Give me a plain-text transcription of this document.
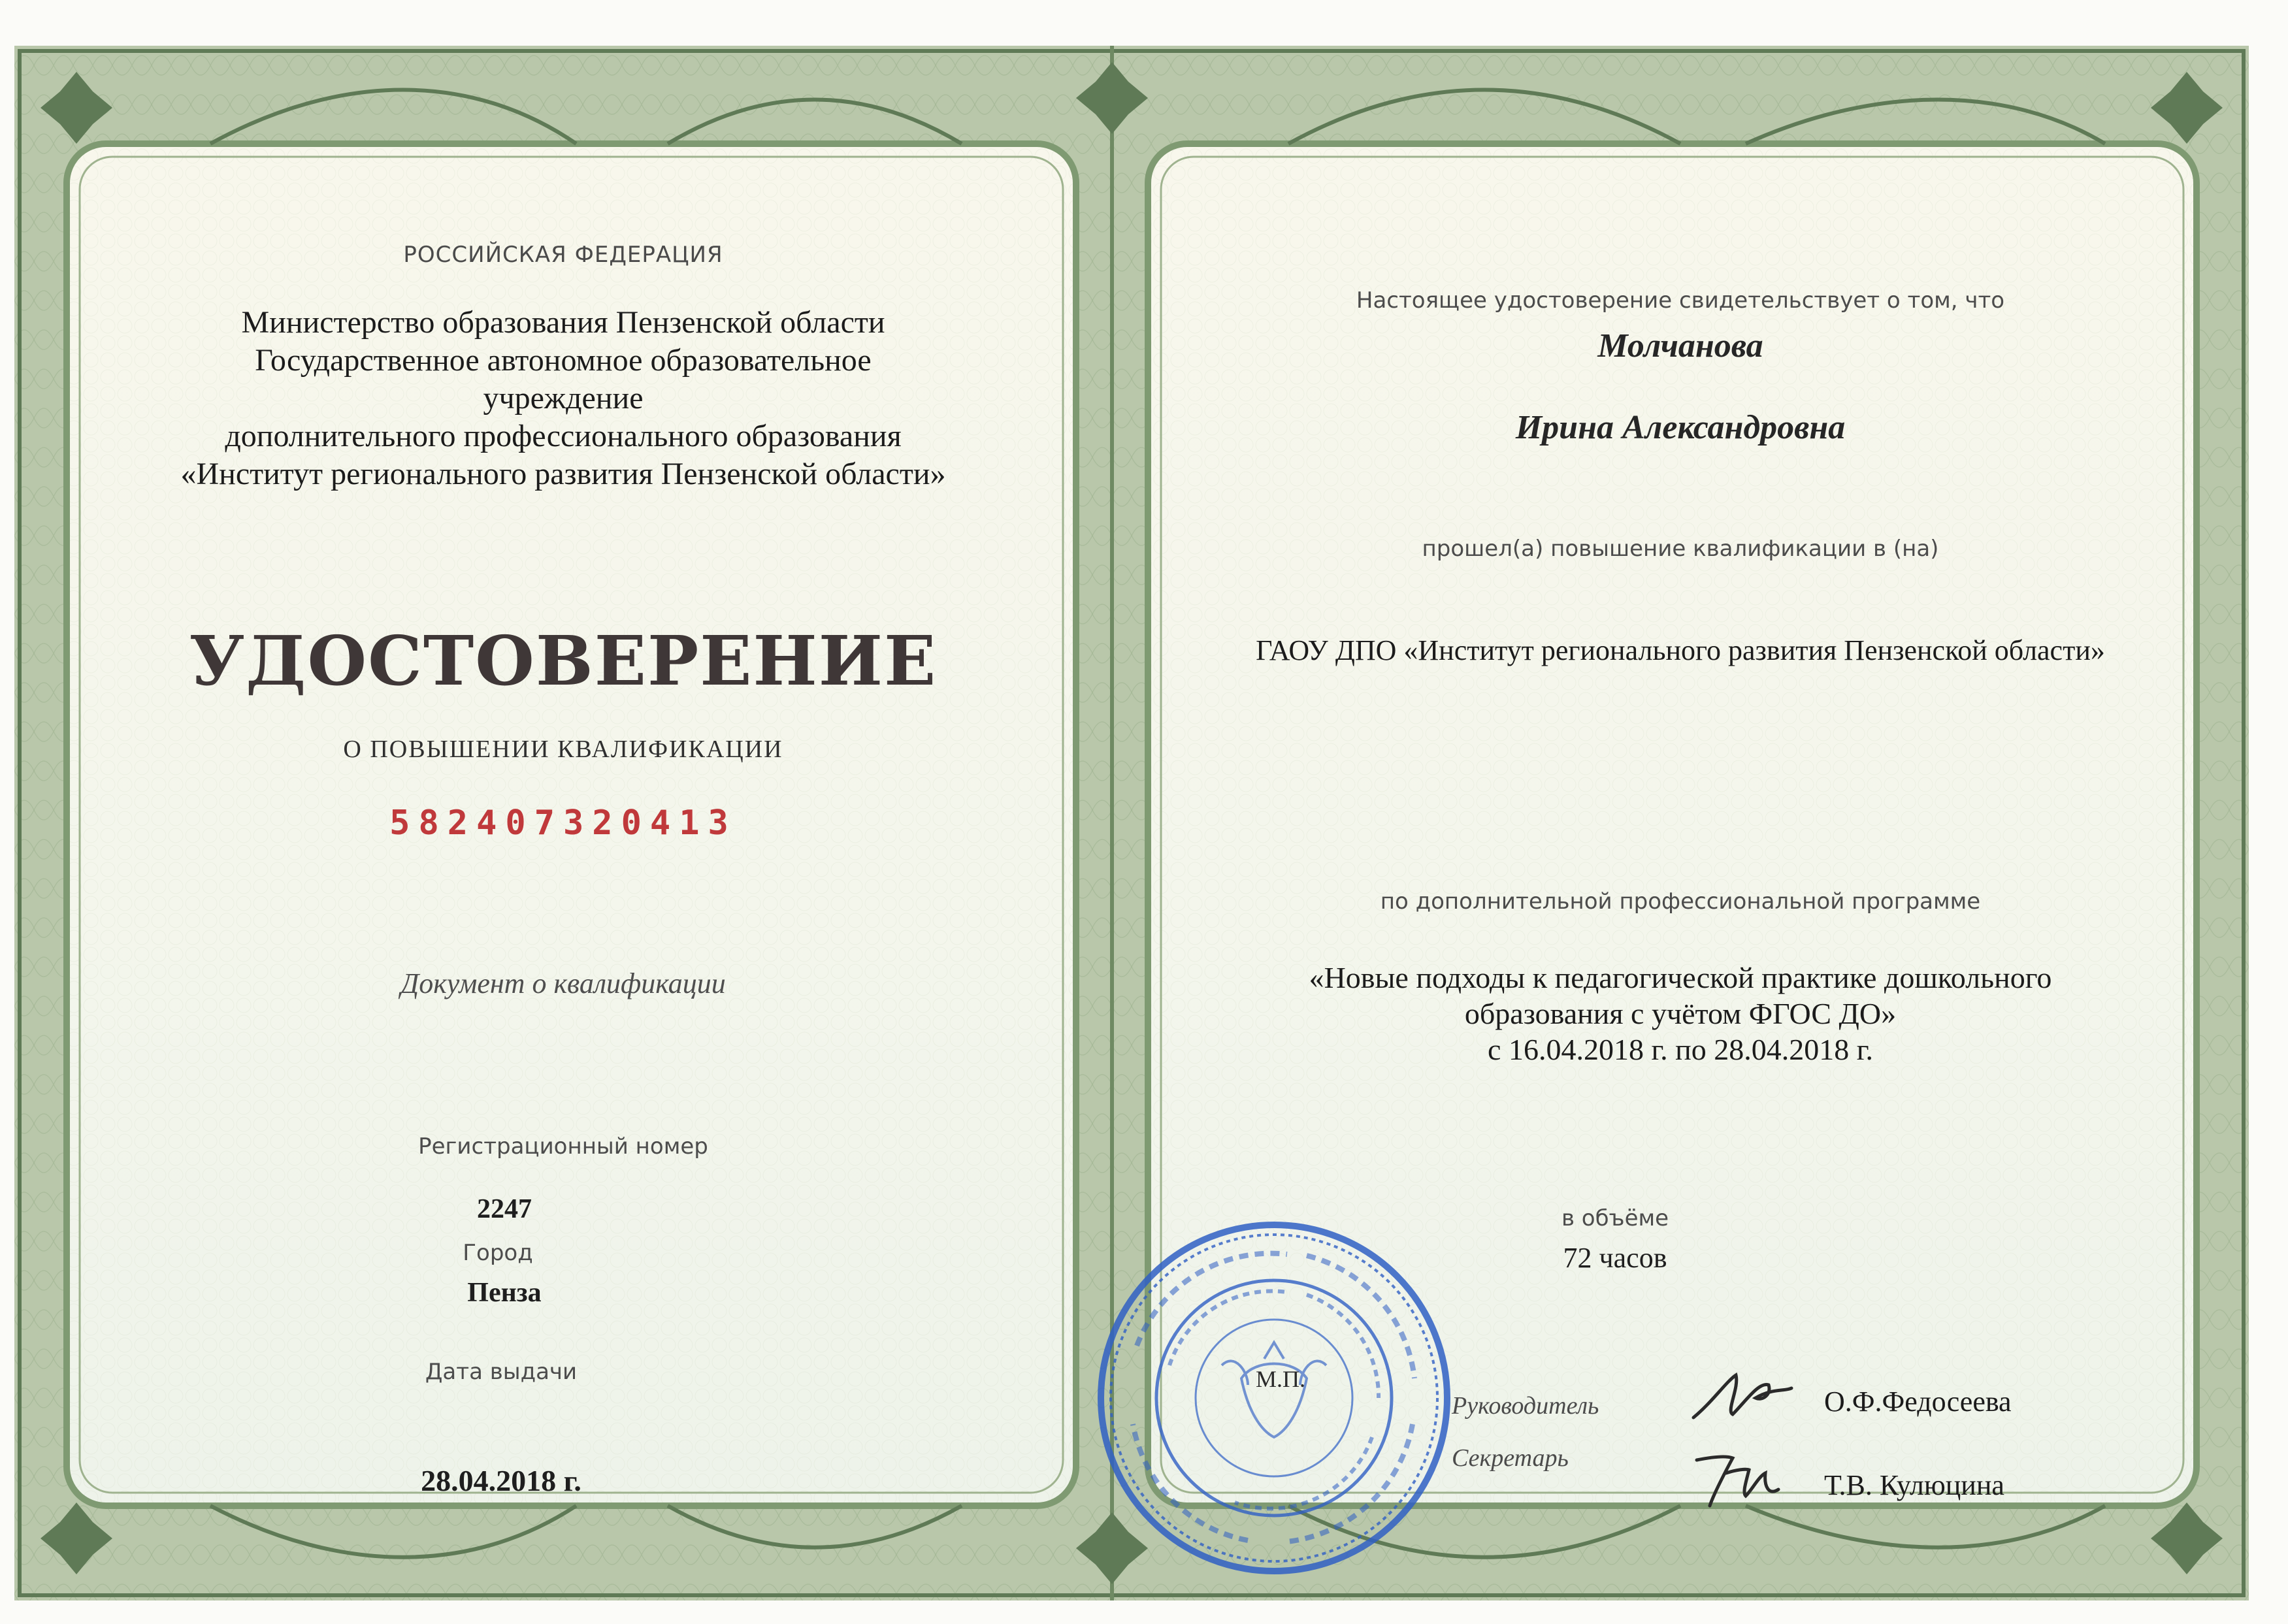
РОССИЙСКАЯ ФЕДЕРАЦИЯ
Министерство образования Пензенской области
Государственное автономное образовательное
учреждение
дополнительного профессионального образования
«Институт регионального развития Пензенской области»
УДОСТОВЕРЕНИЕ
О ПОВЫШЕНИИ КВАЛИФИКАЦИИ
582407320413
Документ о квалификации
Регистрационный номер
2247
Город
Пенза
Дата выдачи
28.04.2018 г.
Настоящее удостоверение свидетельствует о том, что
Молчанова
Ирина Александровна
прошел(а) повышение квалификации в (на)
ГАОУ ДПО «Институт регионального развития Пензенской области»
по дополнительной профессиональной программе
«Новые подходы к педагогической практике дошкольного
образования с учётом ФГОС ДО»
с 16.04.2018 г. по 28.04.2018 г.
в объёме
72 часов
Руководитель	О.Ф.Федосеева
Секретарь
Т.В. Кулюцина
М.П.
